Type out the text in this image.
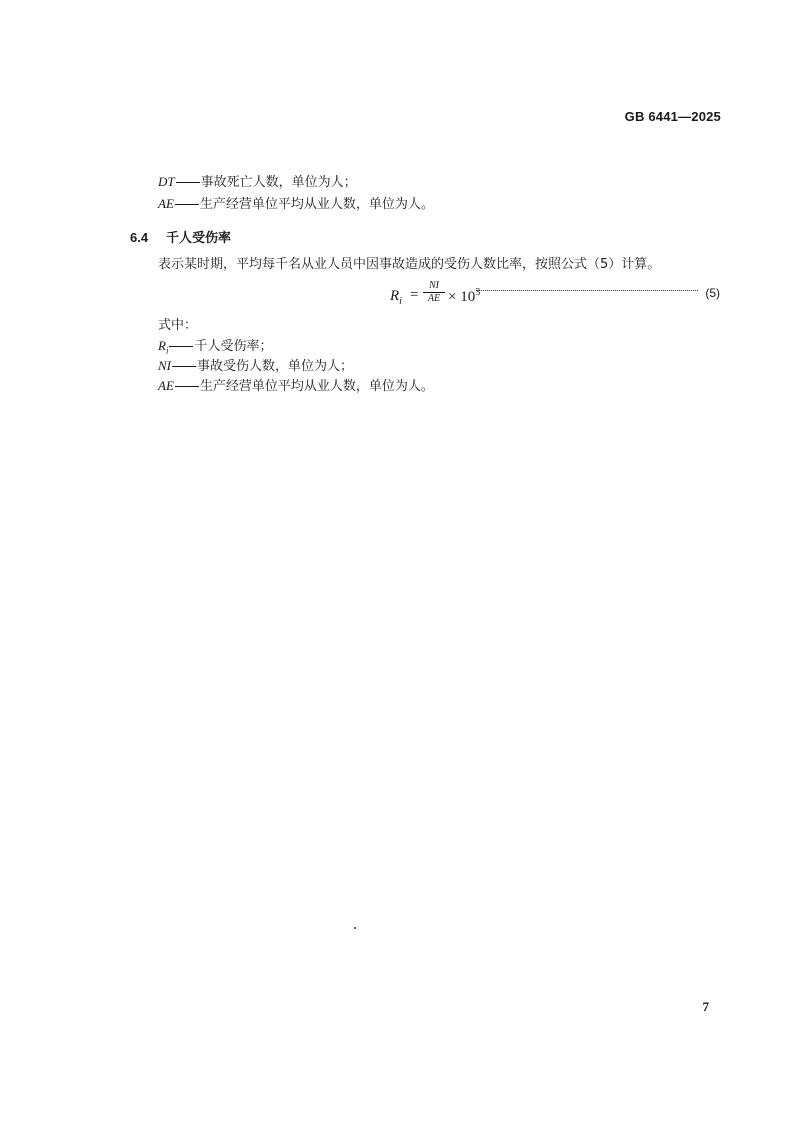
GB 6441—2025
DT 事故死亡人数，单位为人；
AE 生产经营单位平均从业人数，单位为人。
6.4 千人受伤率
表示某时期，平均每千名从业人员中因事故造成的受伤人数比率，按照公式（5）计算。
$R_i = \frac{NI}{AE} \times 10^3$	(5)
式中：
$R_i$ 千人受伤率；
NI 事故受伤人数，单位为人；
AE 生产经营单位平均从业人数，单位为人。
7
